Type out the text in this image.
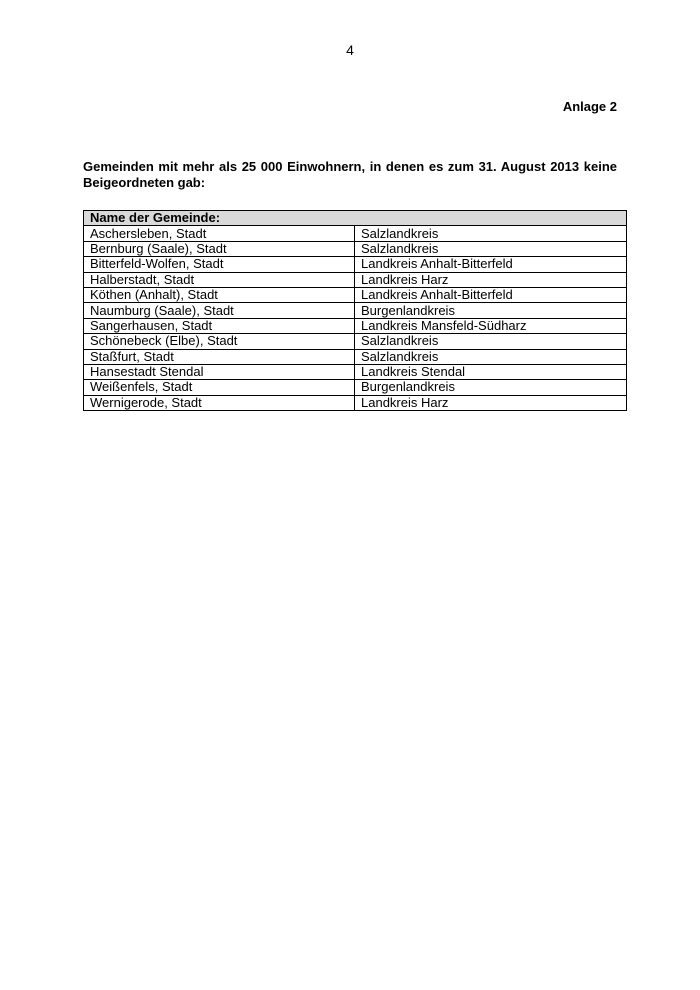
4
Anlage 2
Gemeinden mit mehr als 25 000 Einwohnern, in denen es zum 31. August 2013 keine Beigeordneten gab:
Name der Gemeinde:	
Aschersleben, Stadt	Salzlandkreis
Bernburg (Saale), Stadt	Salzlandkreis
Bitterfeld-Wolfen, Stadt	Landkreis Anhalt-Bitterfeld
Halberstadt, Stadt	Landkreis Harz
Köthen (Anhalt), Stadt	Landkreis Anhalt-Bitterfeld
Naumburg (Saale), Stadt	Burgenlandkreis
Sangerhausen, Stadt	Landkreis Mansfeld-Südharz
Schönebeck (Elbe), Stadt	Salzlandkreis
Staßfurt, Stadt	Salzlandkreis
Hansestadt Stendal	Landkreis Stendal
Weißenfels, Stadt	Burgenlandkreis
Wernigerode, Stadt	Landkreis Harz
